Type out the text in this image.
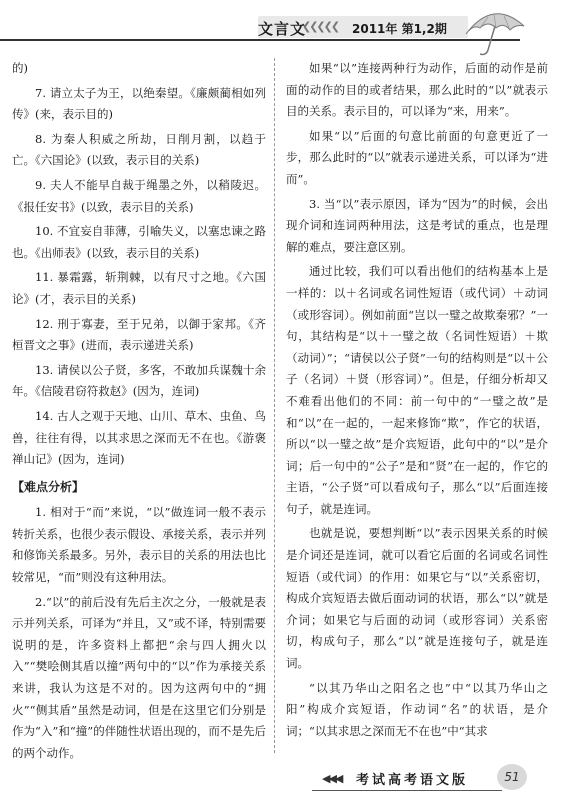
文言文
❮❮❮❮❮ 2011年 第1,2期

的)

7. 请立太子为王，以绝秦望。《廉颇蔺相如列传》(来，表示目的)

8. 为秦人积威之所劫，日削月割，以趋于亡。《六国论》(以致，表示目的关系)

9. 夫人不能早自裁于绳墨之外，以稍陵迟。《报任安书》(以致，表示目的关系)

10. 不宜妄自菲薄，引喻失义，以塞忠谏之路也。《出师表》(以致，表示目的关系)

11. 暴霜露，斩荆棘，以有尺寸之地。《六国论》(才，表示目的关系)

12. 刑于寡妻，至于兄弟，以御于家邦。《齐桓晋文之事》(进而，表示递进关系)

13. 请侯以公子贤，多客，不敢加兵谋魏十余年。《信陵君窃符救赵》(因为，连词)

14. 古人之观于天地、山川、草木、虫鱼、鸟兽，往往有得，以其求思之深而无不在也。《游褒禅山记》(因为，连词)

【难点分析】

1. 相对于“而”来说，“以”做连词一般不表示转折关系，也很少表示假设、承接关系，表示并列和修饰关系最多。另外，表示目的关系的用法也比较常见，“而”则没有这种用法。

2.“以”的前后没有先后主次之分，一般就是表示并列关系，可译为“并且，又”或不译，特别需要说明的是，许多资料上都把“余与四人拥火以入”“樊哙侧其盾以撞”两句中的“以”作为承接关系来讲，我认为这是不对的。因为这两句中的“拥火”“侧其盾”虽然是动词，但是在这里它们分别是作为“入”和“撞”的伴随性状语出现的，而不是先后的两个动作。

如果“以”连接两种行为动作，后面的动作是前面的动作的目的或者结果，那么此时的“以”就表示目的关系。表示目的，可以译为“来，用来”。

如果“以”后面的句意比前面的句意更近了一步，那么此时的“以”就表示递进关系，可以译为“进而”。

3. 当“以”表示原因，译为“因为”的时候，会出现介词和连词两种用法，这是考试的重点，也是理解的难点，要注意区别。

通过比较，我们可以看出他们的结构基本上是一样的：以＋名词或名词性短语（或代词）＋动词（或形容词）。例如前面“岂以一璧之故欺秦邪？”一句，其结构是“以＋一璧之故（名词性短语）＋欺（动词）”；“请侯以公子贤”一句的结构则是“以＋公子（名词）＋贤（形容词）”。但是，仔细分析却又不难看出他们的不同：前一句中的“一璧之故”是和“以”在一起的，一起来修饰“欺”，作它的状语，所以“以一璧之故”是介宾短语，此句中的“以”是介词；后一句中的“公子”是和“贤”在一起的，作它的主语，“公子贤”可以看成句子，那么“以”后面连接句子，就是连词。

也就是说，要想判断“以”表示因果关系的时候是介词还是连词，就可以看它后面的名词或名词性短语（或代词）的作用：如果它与“以”关系密切，构成介宾短语去做后面动词的状语，那么“以”就是介词；如果它与后面的动词（或形容词）关系密切，构成句子，那么“以”就是连接句子，就是连词。

“以其乃华山之阳名之也”中“以其乃华山之阳”构成介宾短语，作动词“名”的状语，是介词；“以其求思之深而无不在也”中“其求

◀◀◀ 考试高考语文版	51
